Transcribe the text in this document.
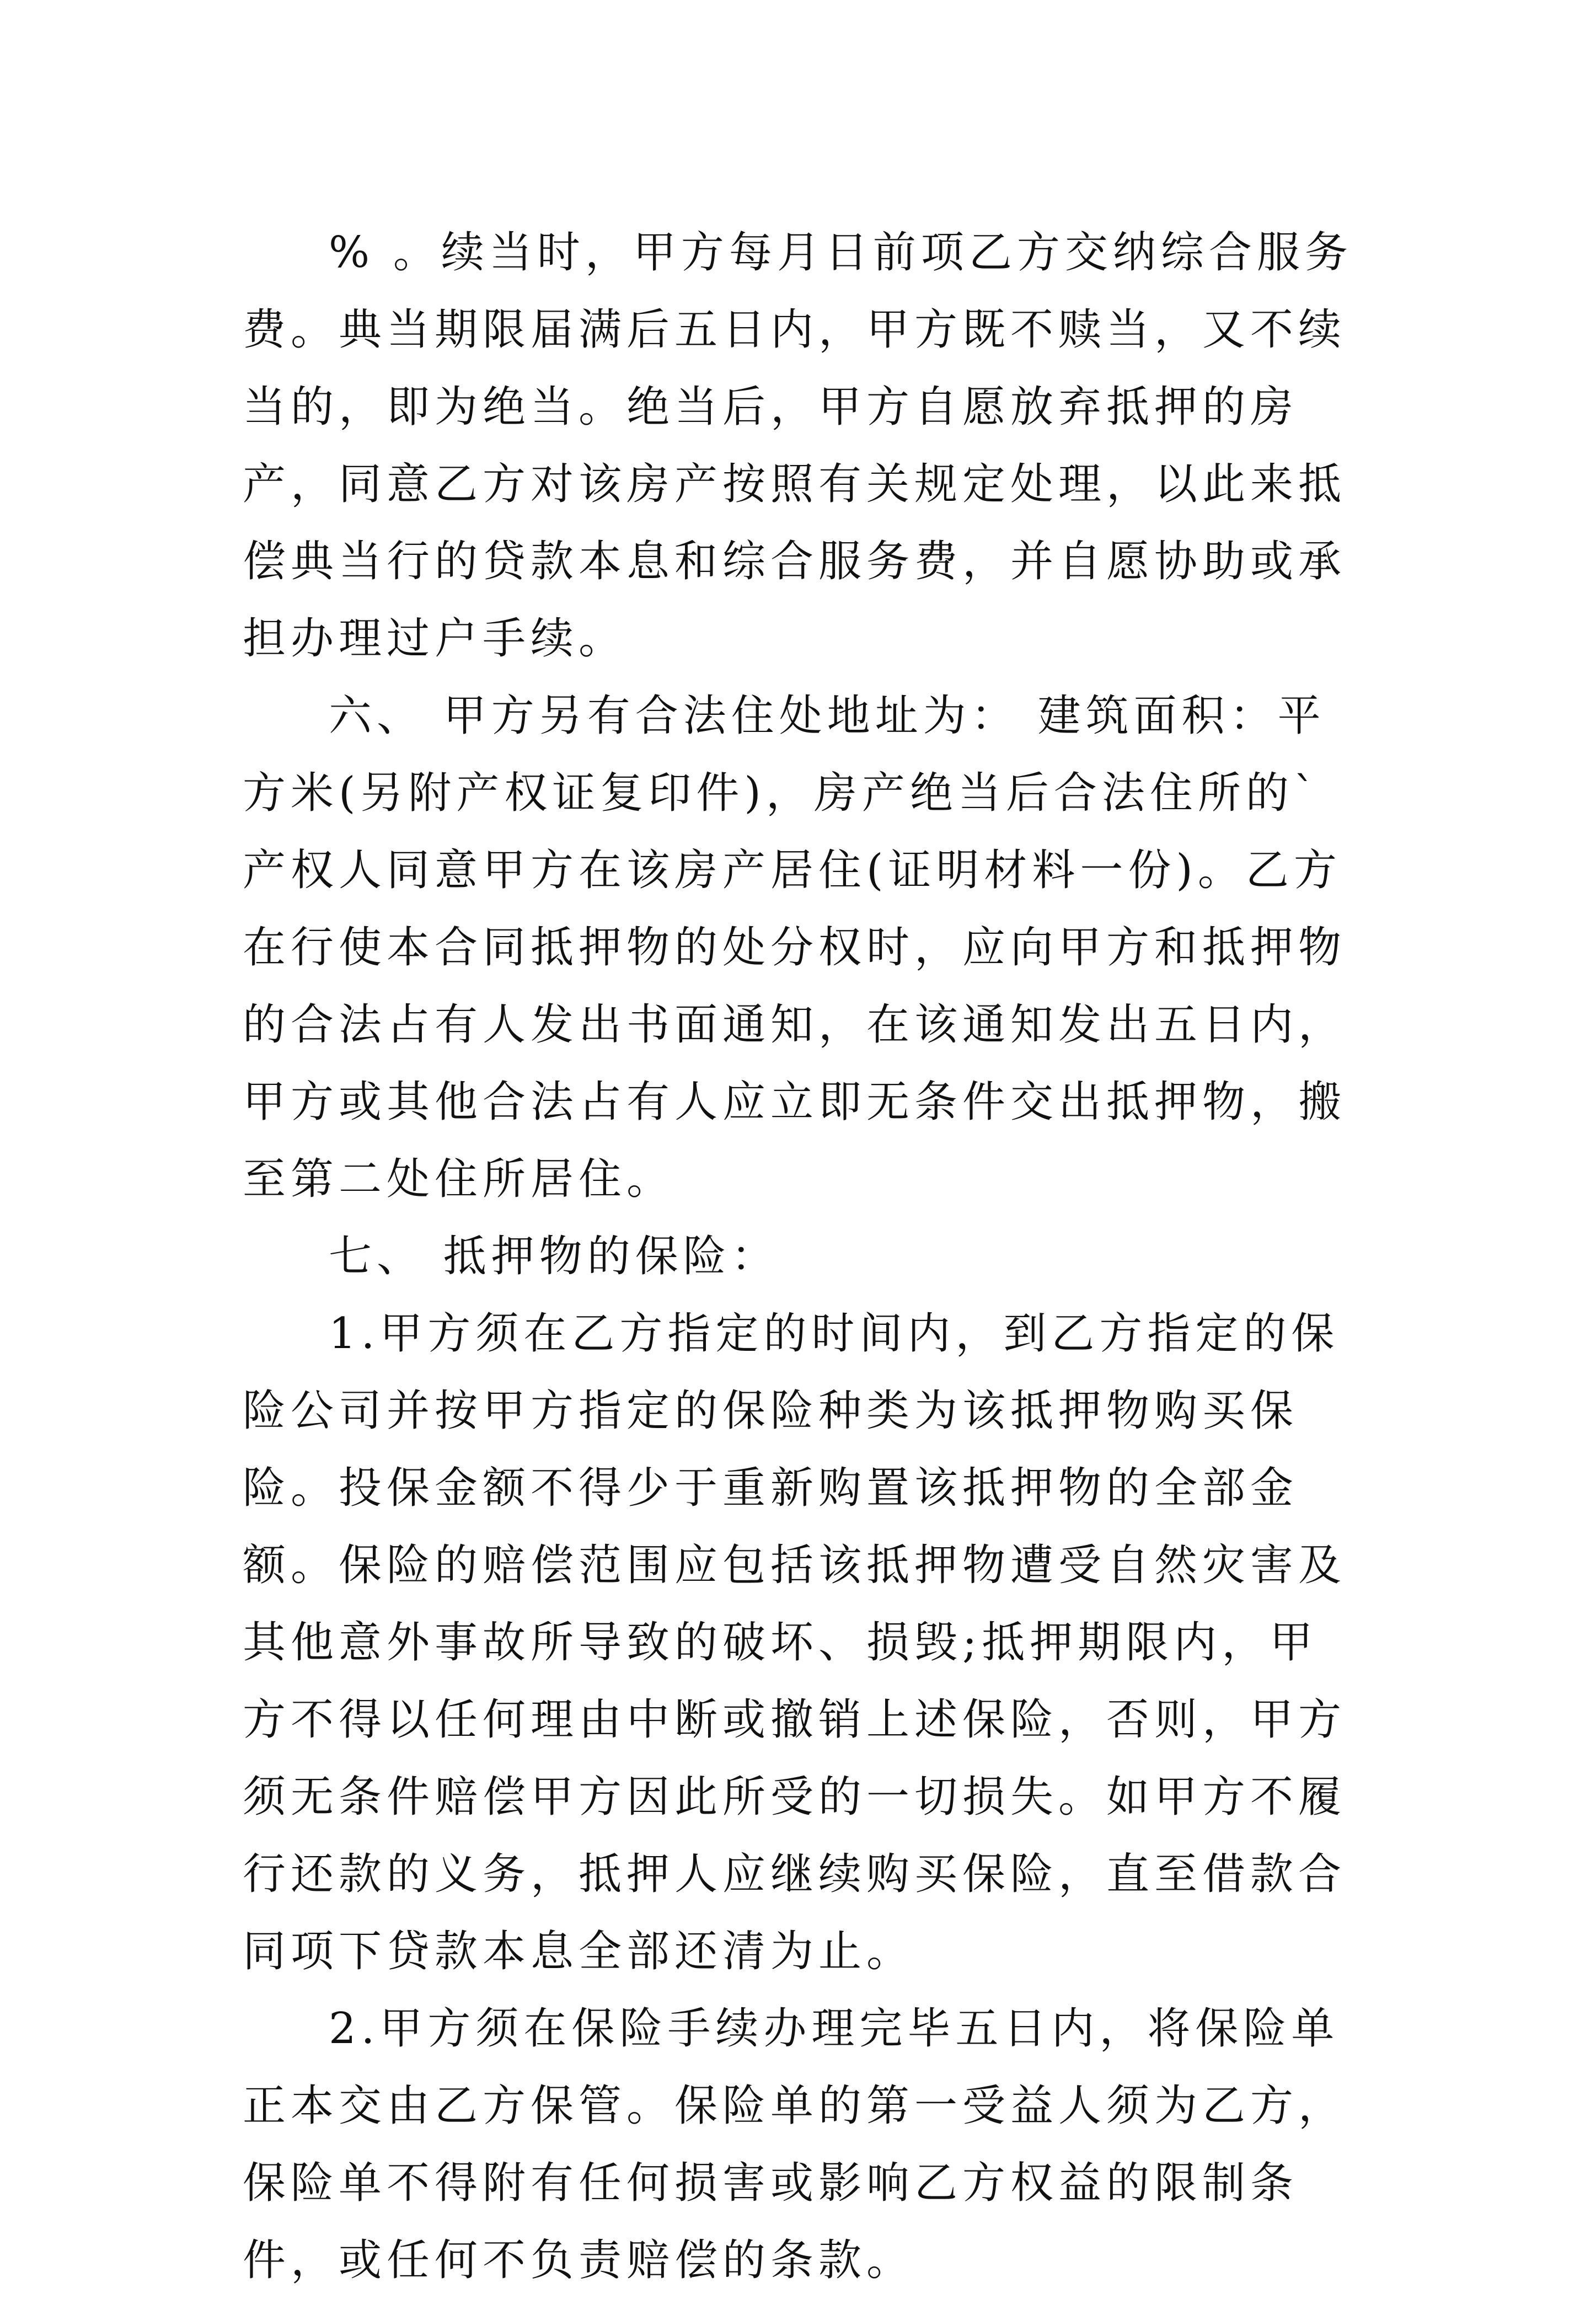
% 。续当时，甲方每月日前项乙方交纳综合服务费。典当期限届满后五日内，甲方既不赎当，又不续当的，即为绝当。绝当后，甲方自愿放弃抵押的房产，同意乙方对该房产按照有关规定处理，以此来抵偿典当行的贷款本息和综合服务费，并自愿协助或承担办理过户手续。

六、 甲方另有合法住处地址为： 建筑面积：平方米(另附产权证复印件)，房产绝当后合法住所的`产权人同意甲方在该房产居住(证明材料一份)。乙方在行使本合同抵押物的处分权时，应向甲方和抵押物的合法占有人发出书面通知，在该通知发出五日内，甲方或其他合法占有人应立即无条件交出抵押物，搬至第二处住所居住。

七、 抵押物的保险：

1.甲方须在乙方指定的时间内，到乙方指定的保险公司并按甲方指定的保险种类为该抵押物购买保险。投保金额不得少于重新购置该抵押物的全部金额。保险的赔偿范围应包括该抵押物遭受自然灾害及其他意外事故所导致的破坏、损毁;抵押期限内，甲方不得以任何理由中断或撤销上述保险，否则，甲方须无条件赔偿甲方因此所受的一切损失。如甲方不履行还款的义务，抵押人应继续购买保险，直至借款合同项下贷款本息全部还清为止。

2.甲方须在保险手续办理完毕五日内，将保险单正本交由乙方保管。保险单的第一受益人须为乙方，保险单不得附有任何损害或影响乙方权益的限制条件，或任何不负责赔偿的条款。
